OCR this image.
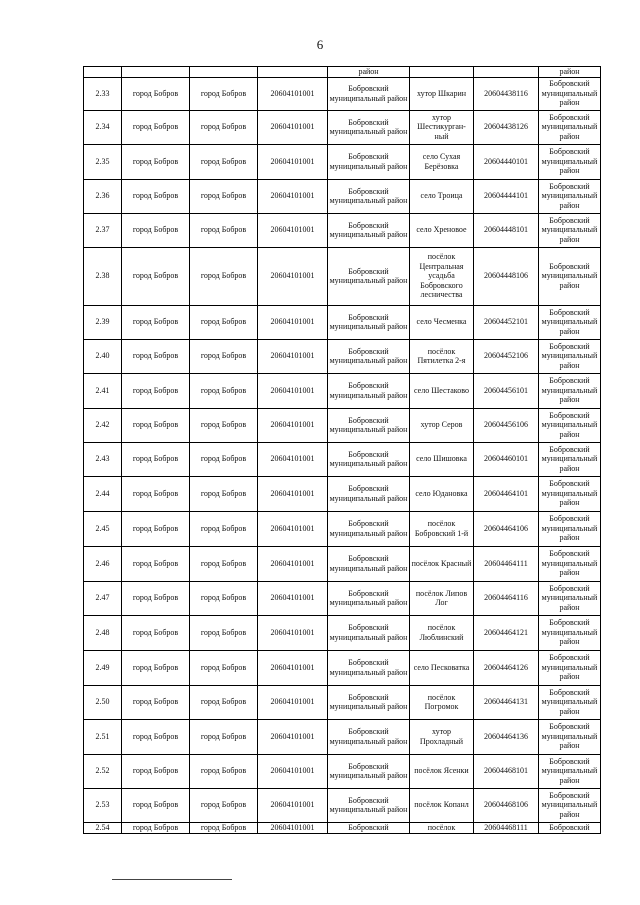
6
				район			район
2.33	город Бобров	город Бобров	20604101001	Бобровский муниципальный район	хутор Шкарин	20604438116	Бобровский муниципальный район
2.34	город Бобров	город Бобров	20604101001	Бобровский муниципальный район	хутор Шестикурган- ный	20604438126	Бобровский муниципальный район
2.35	город Бобров	город Бобров	20604101001	Бобровский муниципальный район	село Сухая Берёзовка	20604440101	Бобровский муниципальный район
2.36	город Бобров	город Бобров	20604101001	Бобровский муниципальный район	село Троица	20604444101	Бобровский муниципальный район
2.37	город Бобров	город Бобров	20604101001	Бобровский муниципальный район	село Хреновое	20604448101	Бобровский муниципальный район
2.38	город Бобров	город Бобров	20604101001	Бобровский муниципальный район	посёлок Центральная усадьба Бобровского лесничества	20604448106	Бобровский муниципальный район
2.39	город Бобров	город Бобров	20604101001	Бобровский муниципальный район	село Чесменка	20604452101	Бобровский муниципальный район
2.40	город Бобров	город Бобров	20604101001	Бобровский муниципальный район	посёлок Пятилетка 2-я	20604452106	Бобровский муниципальный район
2.41	город Бобров	город Бобров	20604101001	Бобровский муниципальный район	село Шестаково	20604456101	Бобровский муниципальный район
2.42	город Бобров	город Бобров	20604101001	Бобровский муниципальный район	хутор Серов	20604456106	Бобровский муниципальный район
2.43	город Бобров	город Бобров	20604101001	Бобровский муниципальный район	село Шишовка	20604460101	Бобровский муниципальный район
2.44	город Бобров	город Бобров	20604101001	Бобровский муниципальный район	село Юдановка	20604464101	Бобровский муниципальный район
2.45	город Бобров	город Бобров	20604101001	Бобровский муниципальный район	посёлок Бобровский 1-й	20604464106	Бобровский муниципальный район
2.46	город Бобров	город Бобров	20604101001	Бобровский муниципальный район	посёлок Красный	20604464111	Бобровский муниципальный район
2.47	город Бобров	город Бобров	20604101001	Бобровский муниципальный район	посёлок Липов Лог	20604464116	Бобровский муниципальный район
2.48	город Бобров	город Бобров	20604101001	Бобровский муниципальный район	посёлок Люблинский	20604464121	Бобровский муниципальный район
2.49	город Бобров	город Бобров	20604101001	Бобровский муниципальный район	село Песковатка	20604464126	Бобровский муниципальный район
2.50	город Бобров	город Бобров	20604101001	Бобровский муниципальный район	посёлок Погромок	20604464131	Бобровский муниципальный район
2.51	город Бобров	город Бобров	20604101001	Бобровский муниципальный район	хутор Прохладный	20604464136	Бобровский муниципальный район
2.52	город Бобров	город Бобров	20604101001	Бобровский муниципальный район	посёлок Ясенки	20604468101	Бобровский муниципальный район
2.53	город Бобров	город Бобров	20604101001	Бобровский муниципальный район	посёлок Копанл	20604468106	Бобровский муниципальный район
2.54	город Бобров	город Бобров	20604101001	Бобровский	посёлок	20604468111	Бобровский
